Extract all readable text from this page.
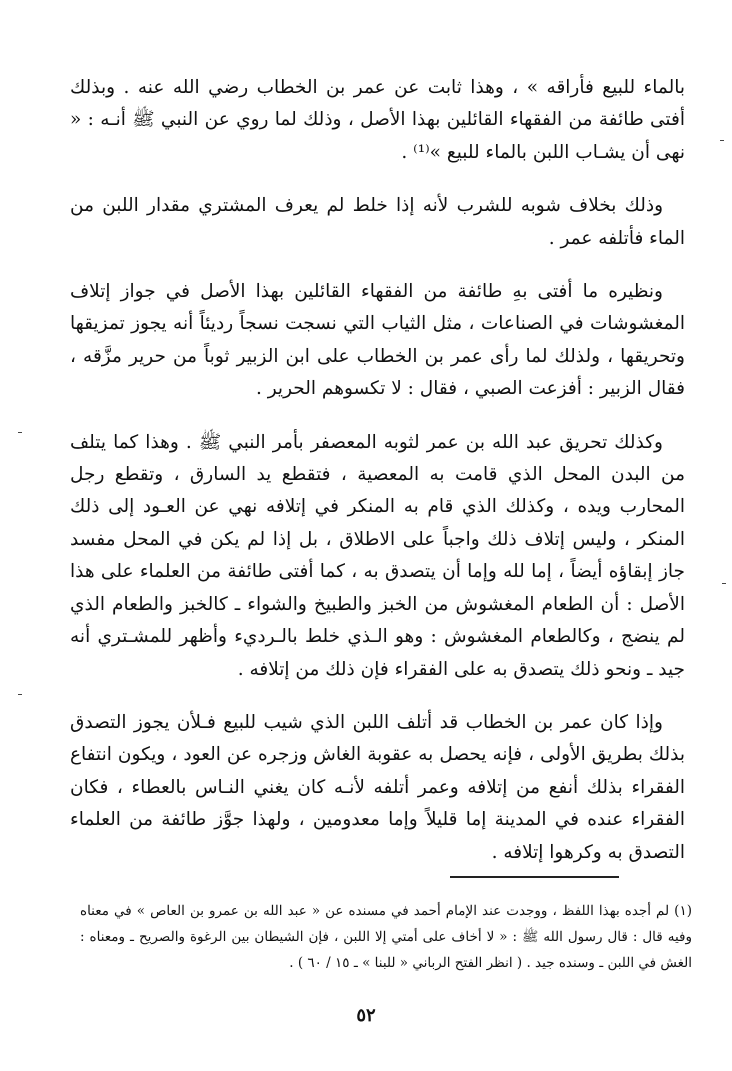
بالماء للبيع فأراقه » ، وهذا ثابت عن عمر بن الخطاب رضي الله عنه . وبذلك أفتى طائفة من الفقهاء القائلين بهذا الأصل ، وذلك لما روي عن النبي ﷺ أنـه : « نهى أن يشـاب اللبن بالماء للبيع »⁽¹⁾ .

وذلك بخلاف شوبه للشرب لأنه إذا خلط لم يعرف المشتري مقدار اللبن من الماء فأتلفه عمر .

ونظيره ما أفتى بهِ طائفة من الفقهاء القائلين بهذا الأصل في جواز إتلاف المغشوشات في الصناعات ، مثل الثياب التي نسجت نسجاً رديئاً أنه يجوز تمزيقها وتحريقها ، ولذلك لما رأى عمر بن الخطاب على ابن الزبير ثوباً من حرير مزَّقه ، فقال الزبير : أفزعت الصبي ، فقال : لا تكسوهم الحرير .

وكذلك تحريق عبد الله بن عمر لثوبه المعصفر بأمر النبي ﷺ . وهذا كما يتلف من البدن المحل الذي قامت به المعصية ، فتقطع يد السارق ، وتقطع رجل المحارب ويده ، وكذلك الذي قام به المنكر في إتلافه نهي عن العـود إلى ذلك المنكر ، وليس إتلاف ذلك واجباً على الاطلاق ، بل إذا لم يكن في المحل مفسد جاز إبقاؤه أيضاً ، إما لله وإما أن يتصدق به ، كما أفتى طائفة من العلماء على هذا الأصل : أن الطعام المغشوش من الخبز والطبيخ والشواء ـ كالخبز والطعام الذي لم ينضج ، وكالطعام المغشوش : وهو الـذي خلط بالـرديء وأظهر للمشـتري أنه جيد ـ ونحو ذلك يتصدق به على الفقراء فإن ذلك من إتلافه .

وإذا كان عمر بن الخطاب قد أتلف اللبن الذي شيب للبيع فـلأن يجوز التصدق بذلك بطريق الأولى ، فإنه يحصل به عقوبة الغاش وزجره عن العود ، ويكون انتفاع الفقراء بذلك أنفع من إتلافه وعمر أتلفه لأنـه كان يغني النـاس بالعطاء ، فكان الفقراء عنده في المدينة إما قليلاً وإما معدومين ، ولهذا جوَّز طائفة من العلماء التصدق به وكرهوا إتلافه .

(١) لم أجده بهذا اللفظ ، ووجدت عند الإمام أحمد في مسنده عن « عبد الله بن عمرو بن العاص » في معناه وفيه قال : قال رسول الله ﷺ : « لا أخاف على أمتي إلا اللبن ، فإن الشيطان بين الرغوة والصريح ـ ومعناه : الغش في اللبن ـ وسنده جيد . ( انظر الفتح الرباني « للبنا » ـ ١٥ / ٦٠ ) .
٥٢
